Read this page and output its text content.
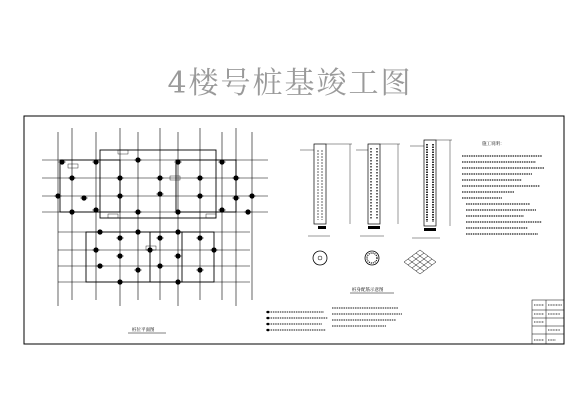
4楼号桩基竣工图
桩位平面图
桩身配筋示意图
施工说明：
